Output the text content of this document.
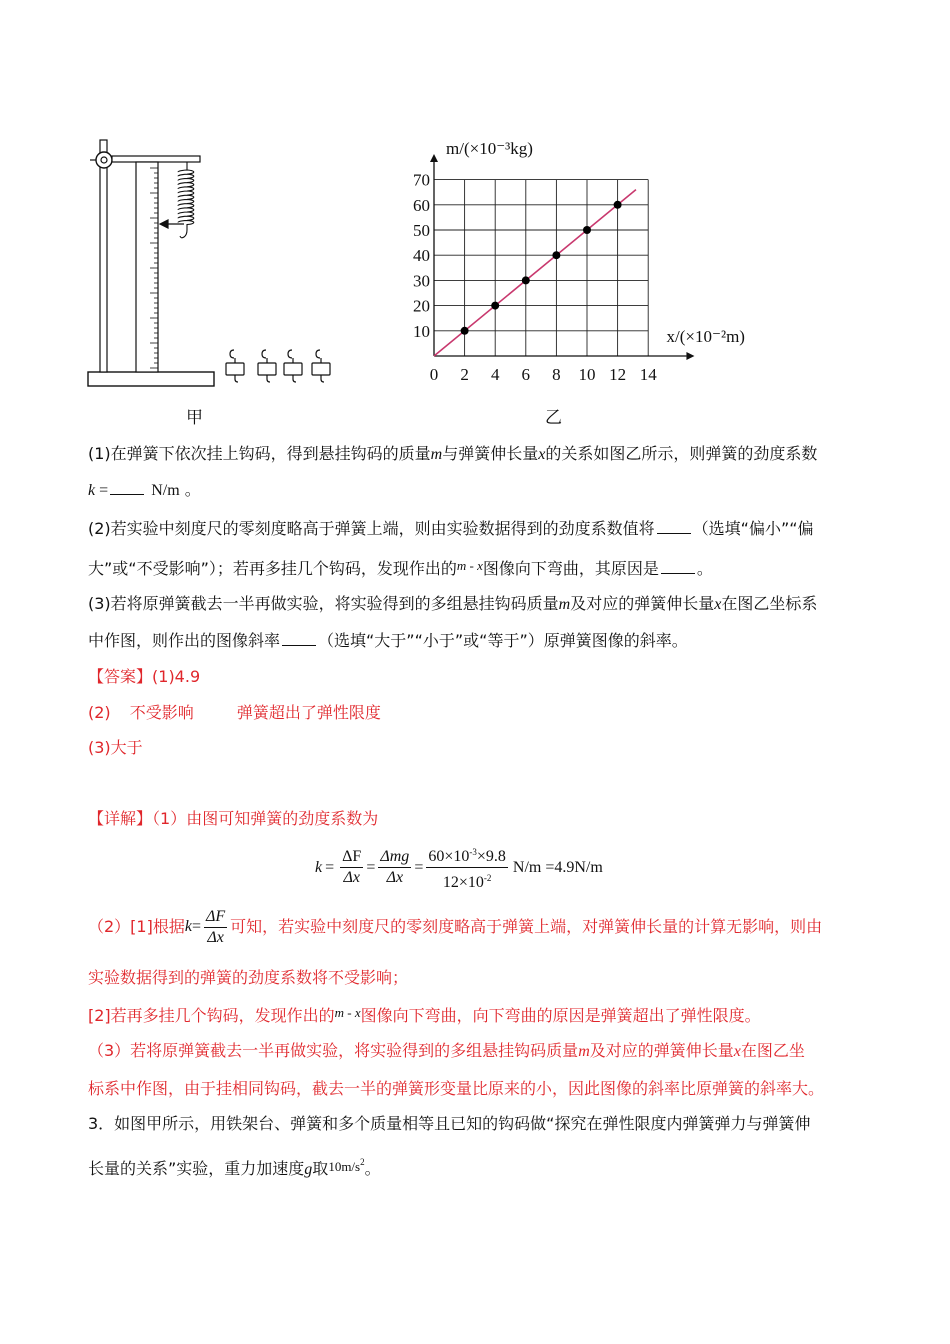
甲
0 2 4 6 8 10 12 14
10
20
30
40
50
60
70
m/(×10⁻³kg)
x/(×10⁻²m)
乙
(1)在弹簧下依次挂上钩码，得到悬挂钩码的质量m与弹簧伸长量x的关系如图乙所示，则弹簧的劲度系数
k =	N/m 。
(2)若实验中刻度尺的零刻度略高于弹簧上端，则由实验数据得到的劲度系数值将 （选填“偏小”“偏
大”或“不受影响”）；若再多挂几个钩码，发现作出的$^{m - x}$图像向下弯曲，其原因是 。
(3)若将原弹簧截去一半再做实验，将实验得到的多组悬挂钩码质量m及对应的弹簧伸长量x在图乙坐标系
中作图，则作出的图像斜率 （选填“大于”“小于”或“等于”）原弹簧图像的斜率。
【答案】(1)4.9
(2) 不受影响	弹簧超出了弹性限度
(3)大于
【详解】（1）由图可知弹簧的劲度系数为
$k = \frac{\Delta F}{\Delta x} = \frac{\text{Δmg}}{\Delta x} = \frac{60\times 10^{-3}\times 9.8}{12\times 10^{-2}} N/m =4.9N/m$
（2）[1]根据 $k = \frac{\Delta F}{\Delta x}$ 可知，若实验中刻度尺的零刻度略高于弹簧上端，对弹簧伸长量的计算无影响，则由
实验数据得到的弹簧的劲度系数将不受影响；
[2]若再多挂几个钩码，发现作出的$^{m - x}$图像向下弯曲，向下弯曲的原因是弹簧超出了弹性限度。
（3）若将原弹簧截去一半再做实验，将实验得到的多组悬挂钩码质量m及对应的弹簧伸长量x在图乙坐
标系中作图，由于挂相同钩码，截去一半的弹簧形变量比原来的小，因此图像的斜率比原弹簧的斜率大。
3．如图甲所示，用铁架台、弹簧和多个质量相等且已知的钩码做“探究在弹性限度内弹簧弹力与弹簧伸
长量的关系”实验，重力加速度g取$10m/s^2$。
